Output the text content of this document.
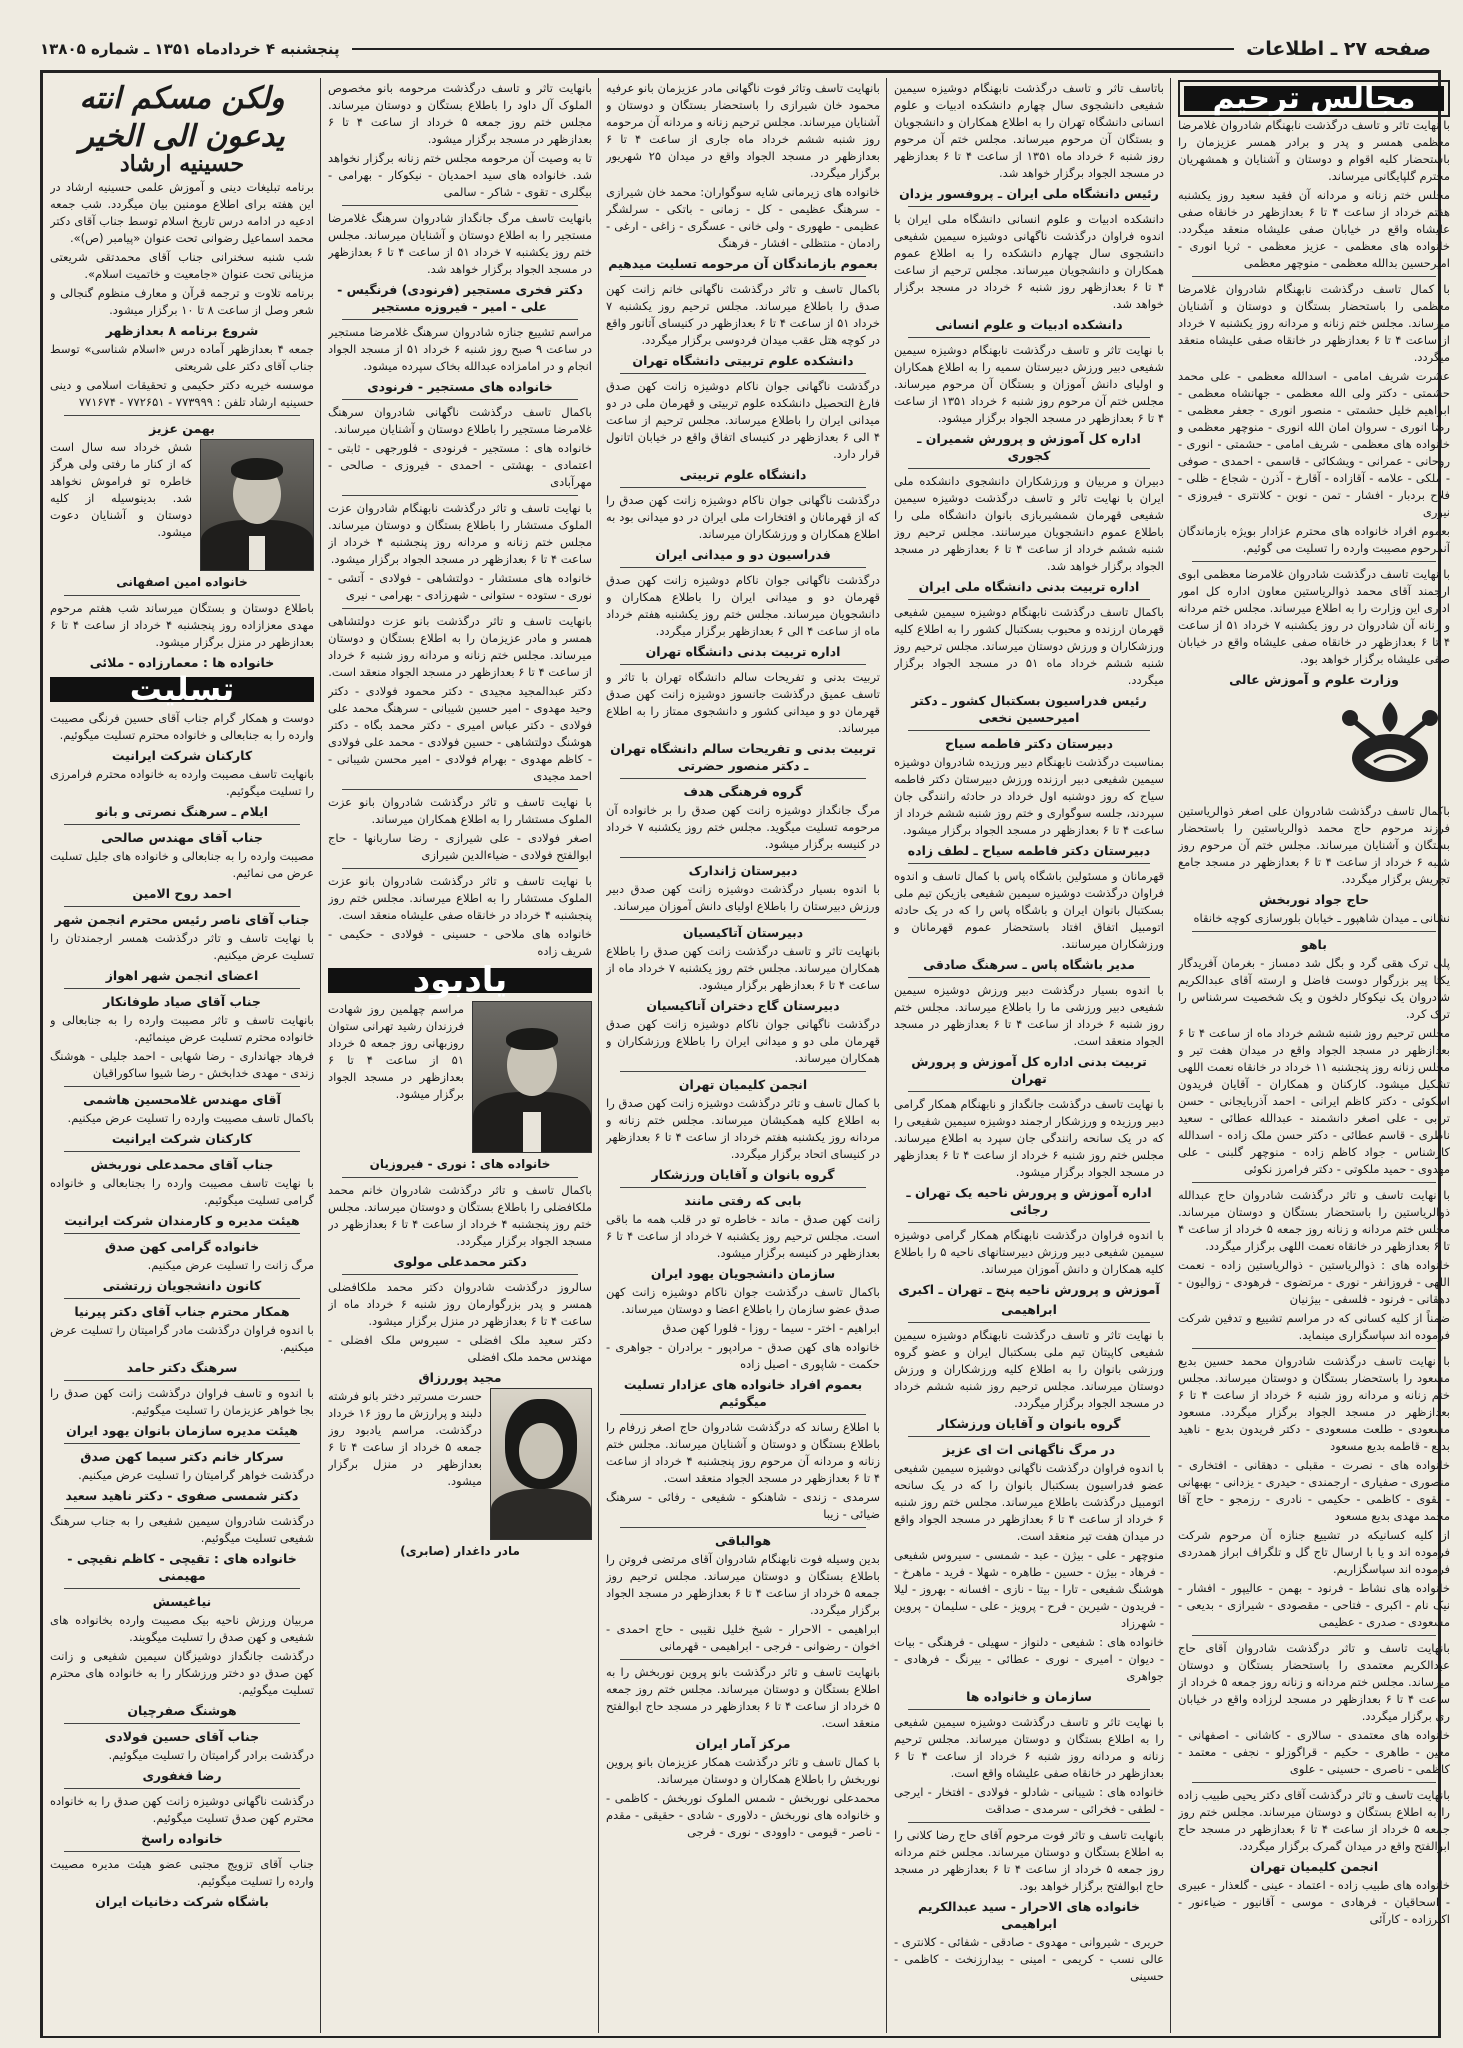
صفحه ۲۷ ـ اطلاعات
پنجشنبه ۴ خردادماه ۱۳۵۱ ـ شماره ۱۳۸۰۵
مجالس ترحیم

با نهایت تاثر و تاسف درگذشت نابهنگام شادروان غلامرضا معظمی همسر و پدر و برادر همسر عزیزمان را باستحضار کلیه اقوام و دوستان و آشنایان و همشهریان محترم گلپایگانی میرساند.

مجلس ختم زنانه و مردانه آن فقید سعید روز یکشنبه هفتم خرداد از ساعت ۴ تا ۶ بعدازظهر در خانقاه صفی علیشاه واقع در خیابان صفی علیشاه منعقد میگردد. خانواده های معظمی - عزیز معظمی - ثریا انوری - امیرحسین بدالله معظمی - منوچهر معظمی

با کمال تاسف درگذشت نابهنگام شادروان غلامرضا معظمی را باستحضار بستگان و دوستان و آشنایان میرساند. مجلس ختم زنانه و مردانه روز یکشنبه ۷ خرداد از ساعت ۴ تا ۶ بعدازظهر در خانقاه صفی علیشاه منعقد میگردد.

عشرت شریف امامی - اسدالله معظمی - علی محمد حشمتی - دکتر ولی الله معظمی - جهانشاه معظمی - ابراهیم خلیل حشمتی - منصور انوری - جعفر معظمی - رضا انوری - سروان امان الله انوری - منوچهر معظمی و خانواده های معظمی - شریف امامی - حشمتی - انوری - روحانی - عمرانی - ویشکائی - قاسمی - احمدی - صوفی - ملکی - علامه - آقازاده - آقارخ - آذرن - شجاع - ظلی - فلاح بردبار - افشار - تمن - نوبن - کلانتری - فیروزی - نیوری

بعموم افراد خانواده های محترم عزادار بویژه بازماندگان آنمرحوم مصیبت وارده را تسلیت می گوئیم.

با نهایت تاسف درگذشت شادروان غلامرضا معظمی ابوی ارجمند آقای محمد ذوالریاستین معاون اداره کل امور اداری این وزارت را به اطلاع میرساند. مجلس ختم مردانه و زنانه آن شادروان در روز یکشنبه ۷ خرداد ۵۱ از ساعت ۴ تا ۶ بعدازظهر در خانقاه صفی علیشاه واقع در خیابان صفی علیشاه برگزار خواهد بود.

وزارت علوم و آموزش عالی

باکمال تاسف درگذشت شادروان علی اصغر ذوالریاستین فرزند مرحوم حاج محمد ذوالریاستین را باستحضار بستگان و آشنایان میرساند. مجلس ختم آن مرحوم روز شنبه ۶ خرداد از ساعت ۴ تا ۶ بعدازظهر در مسجد جامع تجریش برگزار میگردد.

حاج جواد نوربخش

نشانی ـ میدان شاهپور ـ خیابان بلورسازی کوچه خانقاه

باهو

پلی ترک هقی گرد و بگل شد دمساز - بغرمان آفریدگار یکتا پیر بزرگوار دوست فاضل و ارسته آقای عبدالکریم شادروان یک نیکوکار دلخون و یک شخصیت سرشناس را ترک کرد.

مجلس ترحیم روز شنبه ششم خرداد ماه از ساعت ۴ تا ۶ بعدازظهر در مسجد الجواد واقع در میدان هفت تیر و مجلس زنانه روز پنجشنبه ۱۱ خرداد در خانقاه نعمت اللهی تشکیل میشود. کارکنان و همکاران - آقایان فریدون اسکوئی - دکتر کاظم ایرانی - احمد آذربایجانی - حسن ترابی - علی اصغر دانشمند - عبدالله عطائی - سعید ناظری - قاسم عطائی - دکتر حسن ملک زاده - اسدالله کارشناس - جواد کاظم زاده - منوچهر گلبنی - علی مهدوی - حمید ملکوتی - دکتر فرامرز نکوئی

با نهایت تاسف و تاثر درگذشت شادروان حاج عبدالله ذوالریاستین را باستحضار بستگان و دوستان میرساند. مجلس ختم مردانه و زنانه روز جمعه ۵ خرداد از ساعت ۴ تا ۶ بعدازظهر در خانقاه نعمت اللهی برگزار میگردد.

خانواده های : ذوالریاستین - ذوالریاستین زاده - نعمت اللهی - فروزانفر - نوری - مرتضوی - فرهودی - زوالیون - دهقانی - فرنود - فلسفی - بیژنیان

ضمناً از کلیه کسانی که در مراسم تشییع و تدفین شرکت فرموده اند سپاسگزاری مینماید.

با نهایت تاسف درگذشت شادروان محمد حسین بدیع مسعود را باستحضار بستگان و دوستان میرساند. مجلس ختم زنانه و مردانه روز شنبه ۶ خرداد از ساعت ۴ تا ۶ بعدازظهر در مسجد الجواد برگزار میگردد. مسعود مسعودی - طلعت مسعودی - دکتر فریدون بدیع - ناهید بدیع - قاطمه بدیع مسعود

خانواده های - نصرت - مقبلی - دهقانی - افتخاری - منصوری - صفیاری - ارجمندی - حیدری - یزدانی - بهبهانی - نقوی - کاظمی - حکیمی - نادری - رزمجو - حاج آقا محمد مهدی بدیع مسعود

از کلیه کسانیکه در تشییع جنازه آن مرحوم شرکت فرموده اند و یا با ارسال تاج گل و تلگراف ابراز همدردی فرموده اند سپاسگزاریم.

خانواده های نشاط - فرنود - بهمن - عالیپور - افشار - نیک نام - اکبری - فتاحی - مقصودی - شیرازی - بدیعی - مسعودی - صدری - عظیمی

بانهایت تاسف و تاثر درگذشت شادروان آقای حاج عبدالکریم معتمدی را باستحضار بستگان و دوستان میرساند. مجلس ختم مردانه و زنانه روز جمعه ۵ خرداد از ساعت ۴ تا ۶ بعدازظهر در مسجد لرزاده واقع در خیابان ری برگزار میگردد.

خانواده های معتمدی - سالاری - کاشانی - اصفهانی - معین - طاهری - حکیم - قراگوزلو - نجفی - معتمد - کاظمی - ناصری - حسینی - علوی

بانهایت تاسف و تاثر درگذشت آقای دکتر یحیی طبیب زاده را به اطلاع بستگان و دوستان میرساند. مجلس ختم روز جمعه ۵ خرداد از ساعت ۴ تا ۶ بعدازظهر در مسجد حاج ابوالفتح واقع در میدان گمرک برگزار میگردد.

انجمن کلیمیان تهران

خانواده های طبیب زاده - اعتماد - عینی - گلعذار - عبیری - اسحاقیان - فرهادی - موسی - آقانیور - ضیاءنور - اکبرزاده - کارآئی

باتاسف تاثر و تاسف درگذشت نابهنگام دوشیزه سیمین شفیعی دانشجوی سال چهارم دانشکده ادبیات و علوم انسانی دانشگاه تهران را به اطلاع همکاران و دانشجویان و بستگان آن مرحوم میرساند. مجلس ختم آن مرحوم روز شنبه ۶ خرداد ماه ۱۳۵۱ از ساعت ۴ تا ۶ بعدازظهر در مسجد الجواد برگزار خواهد شد.

رئیس دانشگاه ملی ایران ـ پروفسور یزدان

دانشکده ادبیات و علوم انسانی دانشگاه ملی ایران با اندوه فراوان درگذشت ناگهانی دوشیزه سیمین شفیعی دانشجوی سال چهارم دانشکده را به اطلاع عموم همکاران و دانشجویان میرساند. مجلس ترحیم از ساعت ۴ تا ۶ بعدازظهر روز شنبه ۶ خرداد در مسجد برگزار خواهد شد.

دانشکده ادبیات و علوم انسانی

با نهایت تاثر و تاسف درگذشت نابهنگام دوشیزه سیمین شفیعی دبیر ورزش دبیرستان سمیه را به اطلاع همکاران و اولیای دانش آموزان و بستگان آن مرحوم میرساند. مجلس ختم آن مرحوم روز شنبه ۶ خرداد ۱۳۵۱ از ساعت ۴ تا ۶ بعدازظهر در مسجد الجواد برگزار میشود.

اداره کل آموزش و پرورش شمیران ـ کجوری

دبیران و مربیان و ورزشکاران دانشجوی دانشکده ملی ایران با نهایت تاثر و تاسف درگذشت دوشیزه سیمین شفیعی قهرمان شمشیربازی بانوان دانشگاه ملی را باطلاع عموم دانشجویان میرسانند. مجلس ترحیم روز شنبه ششم خرداد از ساعت ۴ تا ۶ بعدازظهر در مسجد الجواد برگزار خواهد شد.

اداره تربیت بدنی دانشگاه ملی ایران

باکمال تاسف درگذشت نابهنگام دوشیزه سیمین شفیعی قهرمان ارزنده و محبوب بسکتبال کشور را به اطلاع کلیه ورزشکاران و ورزش دوستان میرساند. مجلس ترحیم روز شنبه ششم خرداد ماه ۵۱ در مسجد الجواد برگزار میگردد.

رئیس فدراسیون بسکتبال کشور ـ دکتر امیرحسین نخعی
دبیرستان دکتر فاطمه سیاح

بمناسبت درگذشت نابهنگام دبیر ورزیده شادروان دوشیزه سیمین شفیعی دبیر ارزنده ورزش دبیرستان دکتر فاطمه سیاح که روز دوشنبه اول خرداد در حادثه رانندگی جان سپردند، جلسه سوگواری و ختم روز شنبه ششم خرداد از ساعت ۴ تا ۶ بعدازظهر در مسجد الجواد برگزار میشود.

دبیرستان دکتر فاطمه سیاح ـ لطف زاده

قهرمانان و مسئولین باشگاه پاس با کمال تاسف و اندوه فراوان درگذشت دوشیزه سیمین شفیعی بازیکن تیم ملی بسکتبال بانوان ایران و باشگاه پاس را که در یک حادثه اتومبیل اتفاق افتاد باستحضار عموم قهرمانان و ورزشکاران میرسانند.

مدیر باشگاه پاس ـ سرهنگ صادقی

با اندوه بسیار درگذشت دبیر ورزش دوشیزه سیمین شفیعی دبیر ورزشی ما را باطلاع میرساند. مجلس ختم روز شنبه ۶ خرداد از ساعت ۴ تا ۶ بعدازظهر در مسجد الجواد منعقد است.

تربیت بدنی اداره کل آموزش و پرورش تهران

با نهایت تاسف درگذشت جانگداز و نابهنگام همکار گرامی دبیر ورزیده و ورزشکار ارجمند دوشیزه سیمین شفیعی را که در یک سانحه رانندگی جان سپرد به اطلاع میرساند. مجلس ختم روز شنبه ۶ خرداد از ساعت ۴ تا ۶ بعدازظهر در مسجد الجواد برگزار میشود.

اداره آموزش و پرورش ناحیه یک تهران ـ رجائی

با اندوه فراوان درگذشت نابهنگام همکار گرامی دوشیزه سیمین شفیعی دبیر ورزش دبیرستانهای ناحیه ۵ را باطلاع کلیه همکاران و دانش آموزان میرساند.

آموزش و پرورش ناحیه پنج ـ تهران ـ اکبری
ابراهیمی

با نهایت تاثر و تاسف درگذشت نابهنگام دوشیزه سیمین شفیعی کاپیتان تیم ملی بسکتبال ایران و عضو گروه ورزشی بانوان را به اطلاع کلیه ورزشکاران و ورزش دوستان میرساند. مجلس ترحیم روز شنبه ششم خرداد در مسجد الجواد برگزار میگردد.

گروه بانوان و آقایان ورزشکار
در مرگ ناگهانی ات ای عزیز

با اندوه فراوان درگذشت ناگهانی دوشیزه سیمین شفیعی عضو فدراسیون بسکتبال بانوان را که در یک سانحه اتومبیل درگذشت باطلاع میرساند. مجلس ختم روز شنبه ۶ خرداد از ساعت ۴ تا ۶ بعدازظهر در مسجد الجواد واقع در میدان هفت تیر منعقد است.

منوچهر - علی - بیژن - عبد - شمسی - سیروس شفیعی - فرهاد - بیژن - حسین - طاهره - شهلا - فرید - ماهرخ - هوشنگ شفیعی - تارا - بیتا - نازی - افسانه - بهروز - لیلا - فریدون - شیرین - فرح - پرویز - علی - سلیمان - پروین - شهرزاد

خانواده های : شفیعی - دلنواز - سهیلی - فرهنگی - بیات - دیوان - امیری - نوری - عطائی - بیرنگ - فرهادی - جواهری

سازمان و خانواده ها

با نهایت تاثر و تاسف درگذشت دوشیزه سیمین شفیعی را به اطلاع بستگان و دوستان میرساند. مجلس ترحیم زنانه و مردانه روز شنبه ۶ خرداد از ساعت ۴ تا ۶ بعدازظهر در خانقاه صفی علیشاه واقع است.

خانواده های : شیبانی - شادلو - فولادی - افتخار - ایرجی - لطفی - فخرائی - سرمدی - صداقت

بانهایت تاسف و تاثر فوت مرحوم آقای حاج رضا کلانی را به اطلاع بستگان و دوستان میرساند. مجلس ختم مردانه روز جمعه ۵ خرداد از ساعت ۴ تا ۶ بعدازظهر در مسجد حاج ابوالفتح برگزار خواهد بود.

خانواده های الاحرار - سید عبدالکریم ابراهیمی

حریری - شیروانی - مهدوی - صادقی - شفائی - کلانتری - عالی نسب - کریمی - امینی - بیدارزنخت - کاظمی - حسینی

بانهایت تاسف وتاثر فوت ناگهانی مادر عزیزمان بانو عرفیه محمود خان شیرازی را باستحضار بستگان و دوستان و آشنایان میرساند. مجلس ترحیم زنانه و مردانه آن مرحومه روز شنبه ششم خرداد ماه جاری از ساعت ۴ تا ۶ بعدازظهر در مسجد الجواد واقع در میدان ۲۵ شهریور برگزار میگردد.

خانواده های زیرمانی شایه سوگواران: محمد خان شیرازی - سرهنگ عظیمی - کل - زمانی - باتکی - سرلشگر عظیمی - طهوری - ولی خانی - عسگری - زاغی - ارغی - رادمان - منتظلی - افشار - فرهنگ

بعموم بازماندگان آن مرحومه تسلیت میدهیم

باکمال تاسف و تاثر درگذشت ناگهانی خانم زانت کهن صدق را باطلاع میرساند. مجلس ترحیم روز یکشنبه ۷ خرداد ۵۱ از ساعت ۴ تا ۶ بعدازظهر در کنیسای آتانور واقع در کوچه هتل عقب میدان فردوسی برگزار میگردد.

دانشکده علوم تربیتی دانشگاه تهران

درگذشت ناگهانی جوان ناکام دوشیزه زانت کهن صدق فارغ التحصیل دانشکده علوم تربیتی و قهرمان ملی در دو میدانی ایران را باطلاع میرساند. مجلس ترحیم از ساعت ۴ الی ۶ بعدازظهر در کنیسای اتفاق واقع در خیابان اتانول قرار دارد.

دانشگاه علوم تربیتی

درگذشت ناگهانی جوان ناکام دوشیزه زانت کهن صدق را که از قهرمانان و افتخارات ملی ایران در دو میدانی بود به اطلاع همکاران و ورزشکاران میرساند.

فدراسیون دو و میدانی ایران

درگذشت ناگهانی جوان ناکام دوشیزه زانت کهن صدق قهرمان دو و میدانی ایران را باطلاع همکاران و دانشجویان میرساند. مجلس ختم روز یکشنبه هفتم خرداد ماه از ساعت ۴ الی ۶ بعدازظهر برگزار میگردد.

اداره تربیت بدنی دانشگاه تهران

تربیت بدنی و تفریحات سالم دانشگاه تهران با تاثر و تاسف عمیق درگذشت جانسوز دوشیزه زانت کهن صدق قهرمان دو و میدانی کشور و دانشجوی ممتاز را به اطلاع میرساند.

تربیت بدنی و تفریحات سالم دانشگاه تهران ـ دکتر منصور حضرتی
گروه فرهنگی هدف

مرگ جانگداز دوشیزه زانت کهن صدق را بر خانواده آن مرحومه تسلیت میگوید. مجلس ختم روز یکشنبه ۷ خرداد در کنیسه برگزار میشود.

دبیرستان ژاندارک

با اندوه بسیار درگذشت دوشیزه زانت کهن صدق دبیر ورزش دبیرستان را باطلاع اولیای دانش آموزان میرساند.

دبیرستان آتاکیسیان

بانهایت تاثر و تاسف درگذشت زانت کهن صدق را باطلاع همکاران میرساند. مجلس ختم روز یکشنبه ۷ خرداد ماه از ساعت ۴ تا ۶ بعدازظهر برگزار میشود.

دبیرستان گاج دختران آتاکیسیان

درگذشت ناگهانی جوان ناکام دوشیزه زانت کهن صدق قهرمان ملی دو و میدانی ایران را باطلاع ورزشکاران و همکاران میرساند.

انجمن کلیمیان تهران

با کمال تاسف و تاثر درگذشت دوشیزه زانت کهن صدق را به اطلاع کلیه همکیشان میرساند. مجلس ختم زنانه و مردانه روز یکشنبه هفتم خرداد از ساعت ۴ تا ۶ بعدازظهر در کنیسای اتحاد برگزار میگردد.

گروه بانوان و آقایان ورزشکار
بابی که رفتی مانند

زانت کهن صدق - ماند - خاطره تو در قلب همه ما باقی است. مجلس ترحیم روز یکشنبه ۷ خرداد از ساعت ۴ تا ۶ بعدازظهر در کنیسه برگزار میشود.

سازمان دانشجویان یهود ایران

باکمال تاسف درگذشت جوان ناکام دوشیزه زانت کهن صدق عضو سازمان را باطلاع اعضا و دوستان میرساند.

ابراهیم - اختر - سیما - روزا - فلورا کهن صدق

خانواده های کهن صدق - مرادپور - برادران - جواهری - حکمت - شاپوری - اصیل زاده

بعموم افراد خانواده های عزادار تسلیت میگوئیم

با اطلاع رساند که درگذشت شادروان حاج اصغر زرفام را باطلاع بستگان و دوستان و آشنایان میرساند. مجلس ختم زنانه و مردانه آن مرحوم روز پنجشنبه ۴ خرداد از ساعت ۴ تا ۶ بعدازظهر در مسجد الجواد منعقد است.

سرمدی - زندی - شاهنکو - شفیعی - رفائی - سرهنگ ضیائی - زیبا

هوالباقی

بدین وسیله فوت نابهنگام شادروان آقای مرتضی فروتن را باطلاع بستگان و دوستان میرساند. مجلس ترحیم روز جمعه ۵ خرداد از ساعت ۴ تا ۶ بعدازظهر در مسجد الجواد برگزار میگردد.

ابراهیمی - الاحرار - شیخ خلیل نقیبی - حاج احمدی - اخوان - رضوانی - فرجی - ابراهیمی - قهرمانی

بانهایت تاسف و تاثر درگذشت بانو پروین نوربخش را به اطلاع بستگان و دوستان میرساند. مجلس ختم روز جمعه ۵ خرداد از ساعت ۴ تا ۶ بعدازظهر در مسجد حاج ابوالفتح منعقد است.

مرکز آمار ایران

با کمال تاسف و تاثر درگذشت همکار عزیزمان بانو پروین نوربخش را باطلاع همکاران و دوستان میرساند.

محمدعلی نوربخش - شمس الملوک نوربخش - کاظمی - و خانواده های نوربخش - دلاوری - شادی - حقیقی - مقدم - ناصر - قیومی - داوودی - نوری - فرجی

بانهایت تاثر و تاسف درگذشت مرحومه بانو مخصوص الملوک آل داود را باطلاع بستگان و دوستان میرساند. مجلس ختم روز جمعه ۵ خرداد از ساعت ۴ تا ۶ بعدازظهر در مسجد برگزار میشود.

تا به وصیت آن مرحومه مجلس ختم زنانه برگزار نخواهد شد. خانواده های سید احمدیان - نیکوکار - بهرامی - بیگلری - تقوی - شاکر - سالمی

بانهایت تاسف مرگ جانگداز شادروان سرهنگ غلامرضا مستجیر را به اطلاع دوستان و آشنایان میرساند. مجلس ختم روز یکشنبه ۷ خرداد ۵۱ از ساعت ۴ تا ۶ بعدازظهر در مسجد الجواد برگزار خواهد شد.

دکتر فخری مستجیر (فرنودی) فرنگیس - علی - امیر - فیروزه مستجیر

مراسم تشییع جنازه شادروان سرهنگ غلامرضا مستجیر در ساعت ۹ صبح روز شنبه ۶ خرداد ۵۱ از مسجد الجواد انجام و در امامزاده عبدالله بخاک سپرده میشود.

خانواده های مستجیر - فرنودی

باکمال تاسف درگذشت ناگهانی شادروان سرهنگ غلامرضا مستجیر را باطلاع دوستان و آشنایان میرساند.

خانواده های : مستجیر - فرنودی - فلورجهی - ثابتی - اعتمادی - بهشتی - احمدی - فیروزی - صالحی - مهرآبادی

با نهایت تاسف و تاثر درگذشت نابهنگام شادروان عزت الملوک مستشار را باطلاع بستگان و دوستان میرساند. مجلس ختم زنانه و مردانه روز پنجشنبه ۴ خرداد از ساعت ۴ تا ۶ بعدازظهر در مسجد الجواد برگزار میشود.

خانواده های مستشار - دولتشاهی - فولادی - آتشی - نوری - ستوده - ستوانی - شهرزادی - بهرامی - نیری

بانهایت تاسف و تاثر درگذشت بانو عزت دولتشاهی همسر و مادر عزیزمان را به اطلاع بستگان و دوستان میرساند. مجلس ختم زنانه و مردانه روز شنبه ۶ خرداد از ساعت ۴ تا ۶ بعدازظهر در مسجد الجواد منعقد است.

دکتر عبدالمجید مجیدی - دکتر محمود فولادی - دکتر وحید مهدوی - امیر حسین شیبانی - سرهنگ محمد علی فولادی - دکتر عباس امیری - دکتر محمد بگاه - دکتر هوشنگ دولتشاهی - حسین فولادی - محمد علی فولادی - کاظم مهدوی - بهرام فولادی - امیر محسن شیبانی - احمد مجیدی

با نهایت تاسف و تاثر درگذشت شادروان بانو عزت الملوک مستشار را به اطلاع همکاران میرساند.

اصغر فولادی - علی شیرازی - رضا ساربانها - حاج ابوالفتح فولادی - ضیاءالدین شیرازی

با نهایت تاسف و تاثر درگذشت شادروان بانو عزت الملوک مستشار را به اطلاع میرساند. مجلس ختم روز پنجشنبه ۴ خرداد در خانقاه صفی علیشاه منعقد است.

خانواده های ملاحی - حسینی - فولادی - حکیمی - شریف زاده

یادبود

مراسم چهلمین روز شهادت فرزندان رشید تهرانی ستوان روزبهانی روز جمعه ۵ خرداد ۵۱ از ساعت ۴ تا ۶ بعدازظهر در مسجد الجواد برگزار میشود.

خانواده های : نوری - فیروزیان

باکمال تاسف و تاثر درگذشت شادروان خانم محمد ملکافضلی را باطلاع بستگان و دوستان میرساند. مجلس ختم روز پنجشنبه ۴ خرداد از ساعت ۴ تا ۶ بعدازظهر در مسجد الجواد برگزار میگردد.

دکتر محمدعلی مولوی

سالروز درگذشت شادروان دکتر محمد ملکافضلی همسر و پدر بزرگوارمان روز شنبه ۶ خرداد ماه از ساعت ۴ تا ۶ بعدازظهر در منزل برگزار میشود.

دکتر سعید ملک افضلی - سیروس ملک افضلی - مهندس محمد ملک افضلی

مجید پوررزاق

حسرت مسرتبر دختر بانو فرشته دلبند و پرارزش ما روز ۱۶ خرداد درگذشت. مراسم یادبود روز جمعه ۵ خرداد از ساعت ۴ تا ۶ بعدازظهر در منزل برگزار میشود.

مادر داغدار (صابری)
ولکن مسکم انته یدعون الی الخیر
حسینیه ارشاد

برنامه تبلیغات دینی و آموزش علمی حسینیه ارشاد در این هفته برای اطلاع مومنین بیان میگردد. شب جمعه ادعیه در ادامه درس تاریخ اسلام توسط جناب آقای دکتر محمد اسماعیل رضوانی تحت عنوان «پیامبر (ص)».

شب شنبه سخنرانی جناب آقای محمدتقی شریعتی مزینانی تحت عنوان «جامعیت و خاتمیت اسلام».

برنامه تلاوت و ترجمه قرآن و معارف منظوم گنجالی و شعر وصل از ساعت ۸ تا ۱۰ برگزار میشود.

شروع برنامه ۸ بعدازظهر

جمعه ۴ بعدازظهر آماده درس «اسلام شناسی» توسط جناب آقای دکتر علی شریعتی

موسسه خیریه دکتر حکیمی و تحقیقات اسلامی و دینی حسینیه ارشاد تلفن : ۷۷۳۹۹۹ - ۷۷۲۶۵۱ - ۷۷۱۶۷۴

بهمن عزیز

شش خرداد سه سال است که از کنار ما رفتی ولی هرگز خاطره تو فراموش نخواهد شد. بدینوسیله از کلیه دوستان و آشنایان دعوت میشود.

خانواده امین اصفهانی

باطلاع دوستان و بستگان میرساند شب هفتم مرحوم مهدی معزازاده روز پنجشنبه ۴ خرداد از ساعت ۴ تا ۶ بعدازظهر در منزل برگزار میشود.

خانواده ها : معمارزاده - ملائی
تسلیت

دوست و همکار گرام جناب آقای حسین فرنگی مصیبت وارده را به جنابعالی و خانواده محترم تسلیت میگوئیم.

کارکنان شرکت ایرانیت

بانهایت تاسف مصیبت وارده به خانواده محترم فرامرزی را تسلیت میگوئیم.

ایلام ـ سرهنگ نصرتی و بانو
جناب آقای مهندس صالحی

مصیبت وارده را به جنابعالی و خانواده های جلیل تسلیت عرض می نمائیم.

احمد روح الامین
جناب آقای ناصر رئیس محترم انجمن شهر

با نهایت تاسف و تاثر درگذشت همسر ارجمندتان را تسلیت عرض میکنیم.

اعضای انجمن شهر اهواز
جناب آقای صیاد طوفانکار

بانهایت تاسف و تاثر مصیبت وارده را به جنابعالی و خانواده محترم تسلیت عرض مینمائیم.

فرهاد جهانداری - رضا شهابی - احمد جلیلی - هوشنگ زندی - مهدی خدابخش - رضا شیوا ساکوراقیان

آقای مهندس غلامحسین هاشمی

باکمال تاسف مصیبت وارده را تسلیت عرض میکنیم.

کارکنان شرکت ایرانیت
جناب آقای محمدعلی نوربخش

با نهایت تاسف مصیبت وارده را بجنابعالی و خانواده گرامی تسلیت میگوئیم.

هیئت مدیره و کارمندان شرکت ایرانیت
خانواده گرامی کهن صدق

مرگ زانت را تسلیت عرض میکنیم.

کانون دانشجویان زرتشتی
همکار محترم جناب آقای دکتر پیرنیا

با اندوه فراوان درگذشت مادر گرامیتان را تسلیت عرض میکنیم.

سرهنگ دکتر حامد

با اندوه و تاسف فراوان درگذشت زانت کهن صدق را بجا خواهر عزیزمان را تسلیت میگوئیم.

هیئت مدیره سازمان بانوان یهود ایران
سرکار خانم دکتر سیما کهن صدق

درگذشت خواهر گرامیتان را تسلیت عرض میکنیم.

دکتر شمسی صفوی - دکتر ناهید سعید

درگذشت شادروان سیمین شفیعی را به جناب سرهنگ شفیعی تسلیت میگوئیم.

خانواده های : تقیچی - کاظم نقیچی - مهیمنی
نیاغیسش

مربیان ورزش ناحیه بیک مصیبت وارده بخانواده های شفیعی و کهن صدق را تسلیت میگویند.

درگذشت جانگداز دوشیزگان سیمین شفیعی و زانت کهن صدق دو دختر ورزشکار را به خانواده های محترم تسلیت میگوئیم.

هوشنگ صفرچیان
جناب آقای حسین فولادی

درگذشت برادر گرامیتان را تسلیت میگوئیم.

رضا فغفوری

درگذشت ناگهانی دوشیزه زانت کهن صدق را به خانواده محترم کهن صدق تسلیت میگوئیم.

خانواده راسخ

جناب آقای تزویج مجتبی عضو هیئت مدیره مصیبت وارده را تسلیت میگوئیم.

باشگاه شرکت دخانیات ایران
